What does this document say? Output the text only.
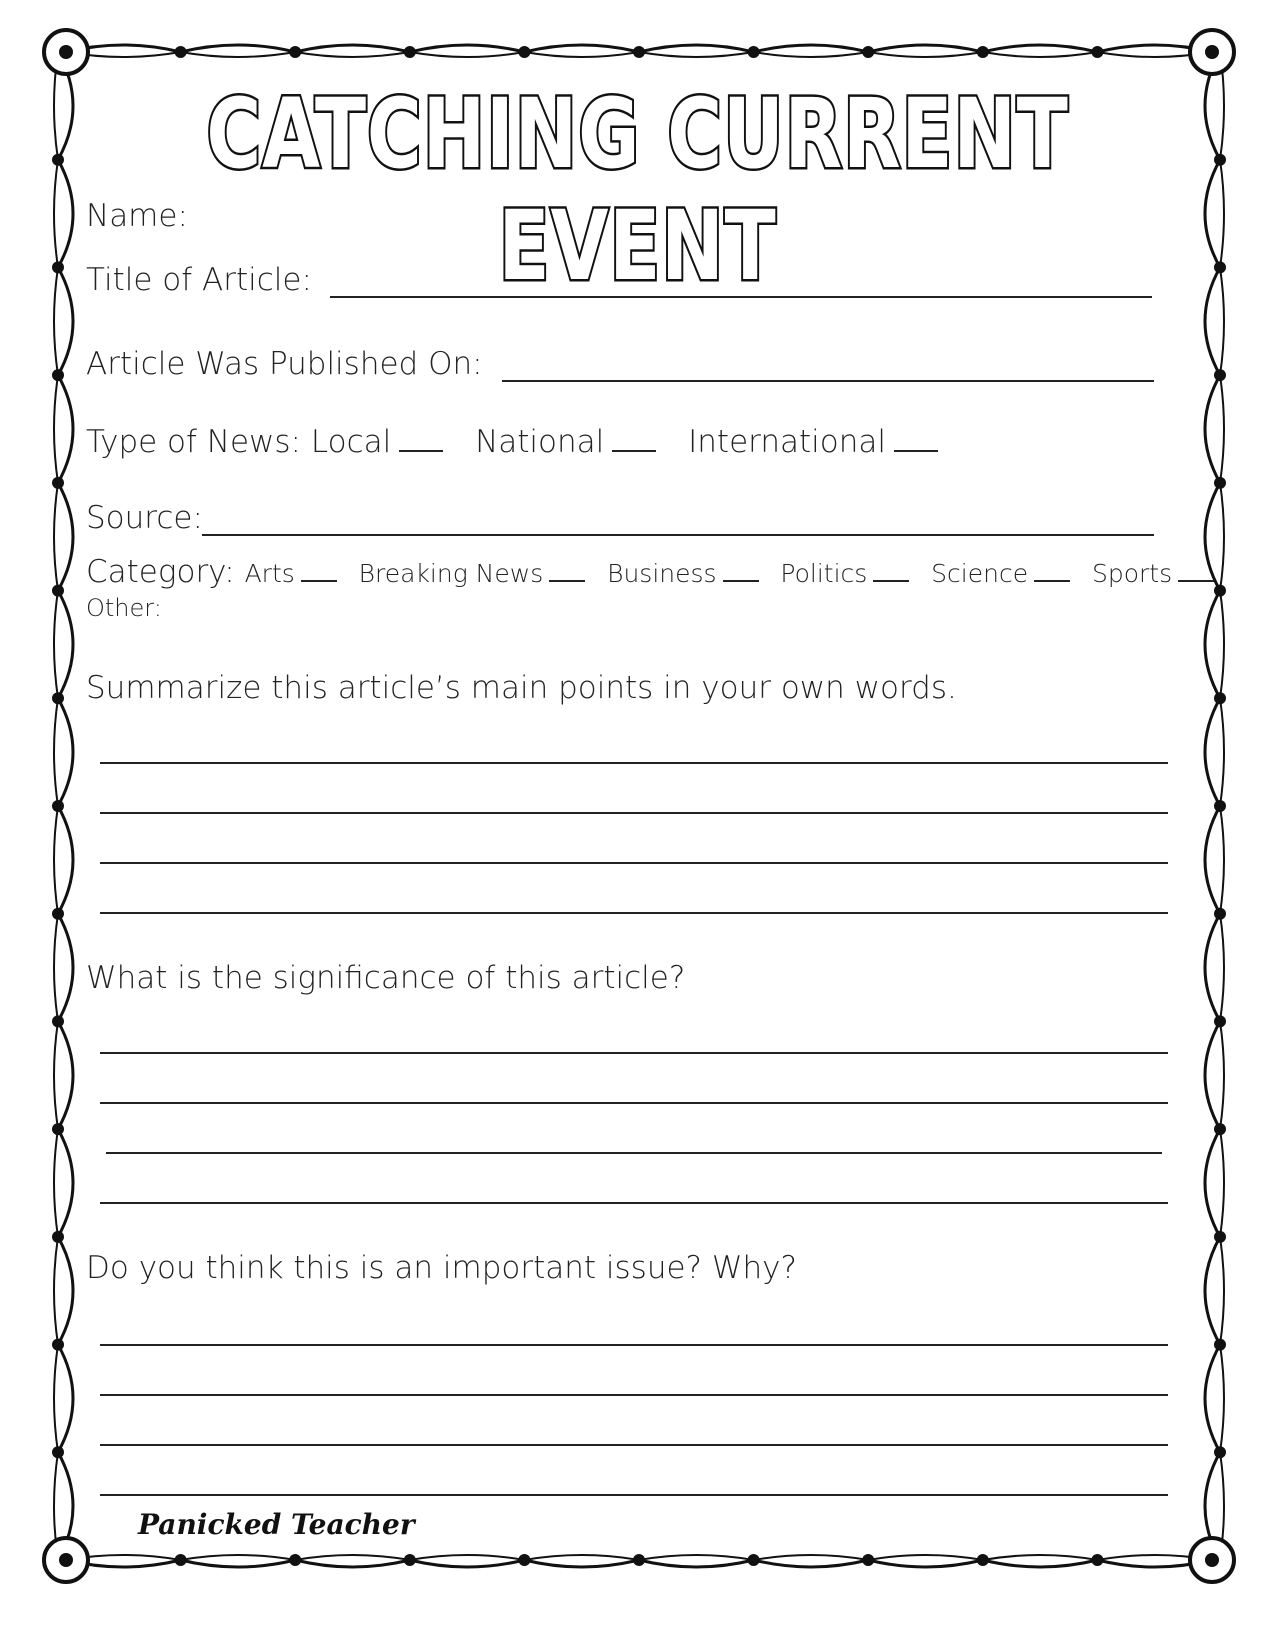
CATCHING CURRENT EVENT
Name:
Title of Article:
Article Was Published On:
Type of News: Local	National	International
Source:
Category: Arts	Breaking News	Business	Politics	Science	Sports
Other:
Summarize this article’s main points in your own words.
What is the significance of this article?
Do you think this is an important issue? Why?
Panicked Teacher
